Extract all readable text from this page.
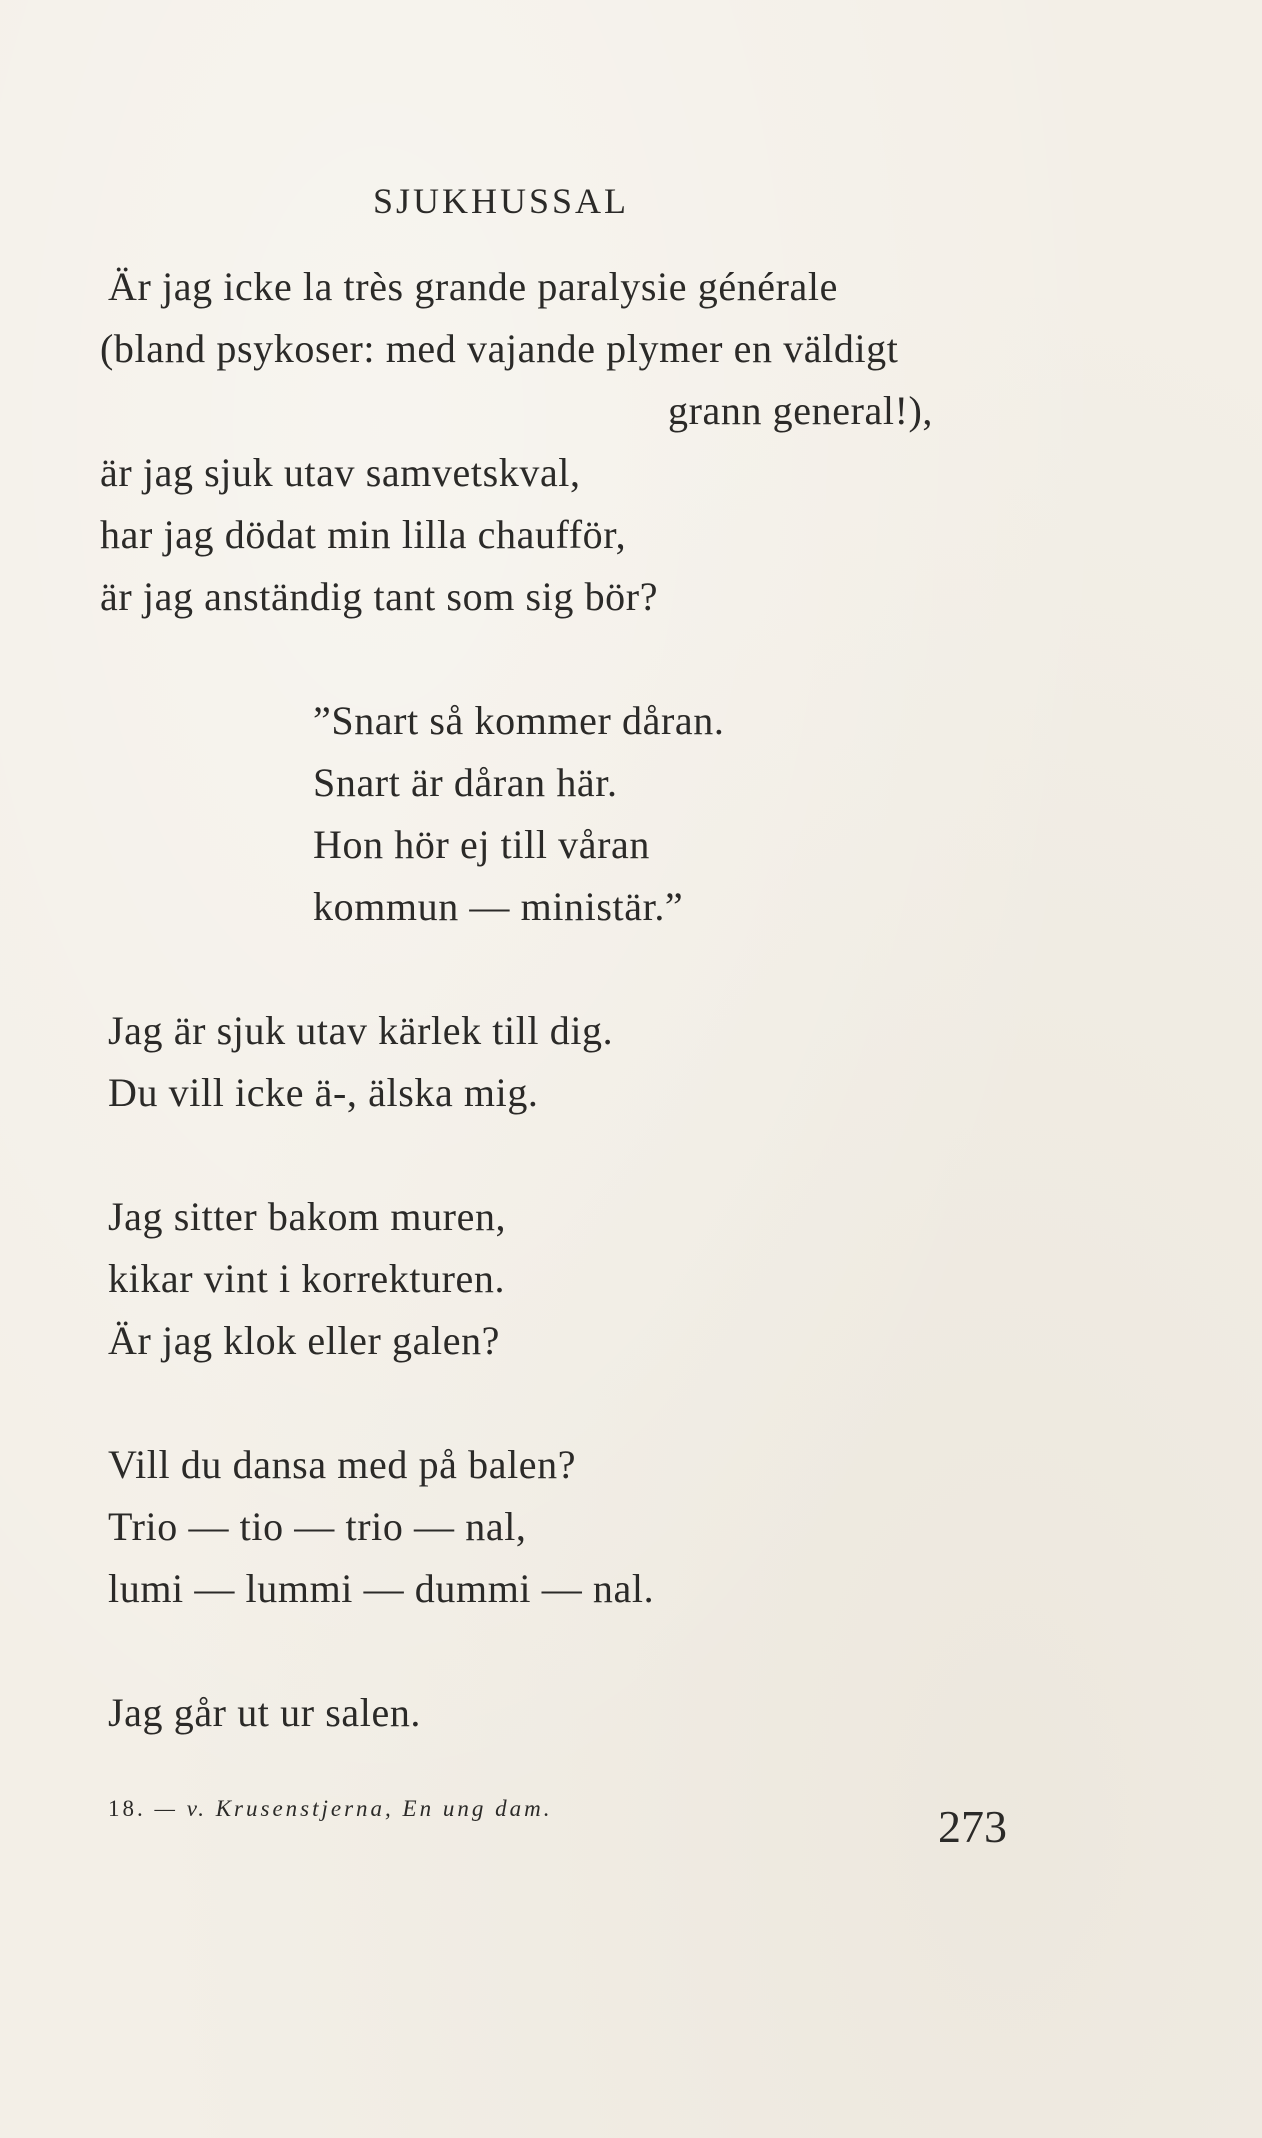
SJUKHUSSAL
Är jag icke la très grande paralysie générale
(bland psykoser: med vajande plymer en väldigt
grann general!),
är jag sjuk utav samvetskval,
har jag dödat min lilla chaufför,
är jag anständig tant som sig bör?
”Snart så kommer dåran.
Snart är dåran här.
Hon hör ej till våran
kommun — ministär.”
Jag är sjuk utav kärlek till dig.
Du vill icke ä-, älska mig.
Jag sitter bakom muren,
kikar vint i korrekturen.
Är jag klok eller galen?
Vill du dansa med på balen?
Trio — tio — trio — nal,
lumi — lummi — dummi — nal.
Jag går ut ur salen.
18. — v. Krusenstjerna, En ung dam.	273
